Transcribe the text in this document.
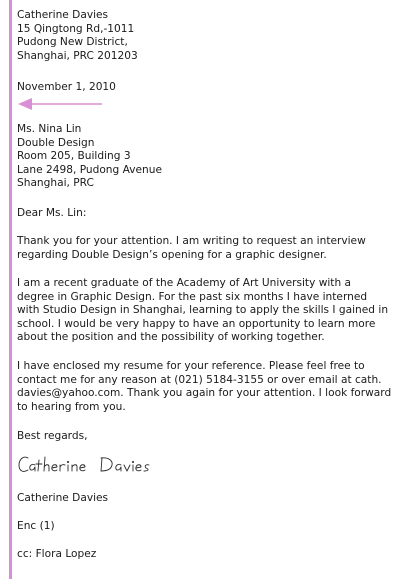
Catherine Davies
15 Qingtong Rd,-1011
Pudong New District,
Shanghai, PRC 201203
November 1, 2010
Ms. Nina Lin
Double Design
Room 205, Building 3
Lane 2498, Pudong Avenue
Shanghai, PRC
Dear Ms. Lin:
Thank you for your attention. I am writing to request an interview
regarding Double Design’s opening for a graphic designer.
I am a recent graduate of the Academy of Art University with a
degree in Graphic Design. For the past six months I have interned
with Studio Design in Shanghai, learning to apply the skills I gained in
school. I would be very happy to have an opportunity to learn more
about the position and the possibility of working together.
I have enclosed my resume for your reference. Please feel free to
contact me for any reason at (021) 5184-3155 or over email at cath.
davies@yahoo.com. Thank you again for your attention. I look forward
to hearing from you.
Best regards,
Catherine Davies
Enc (1)
cc: Flora Lopez
